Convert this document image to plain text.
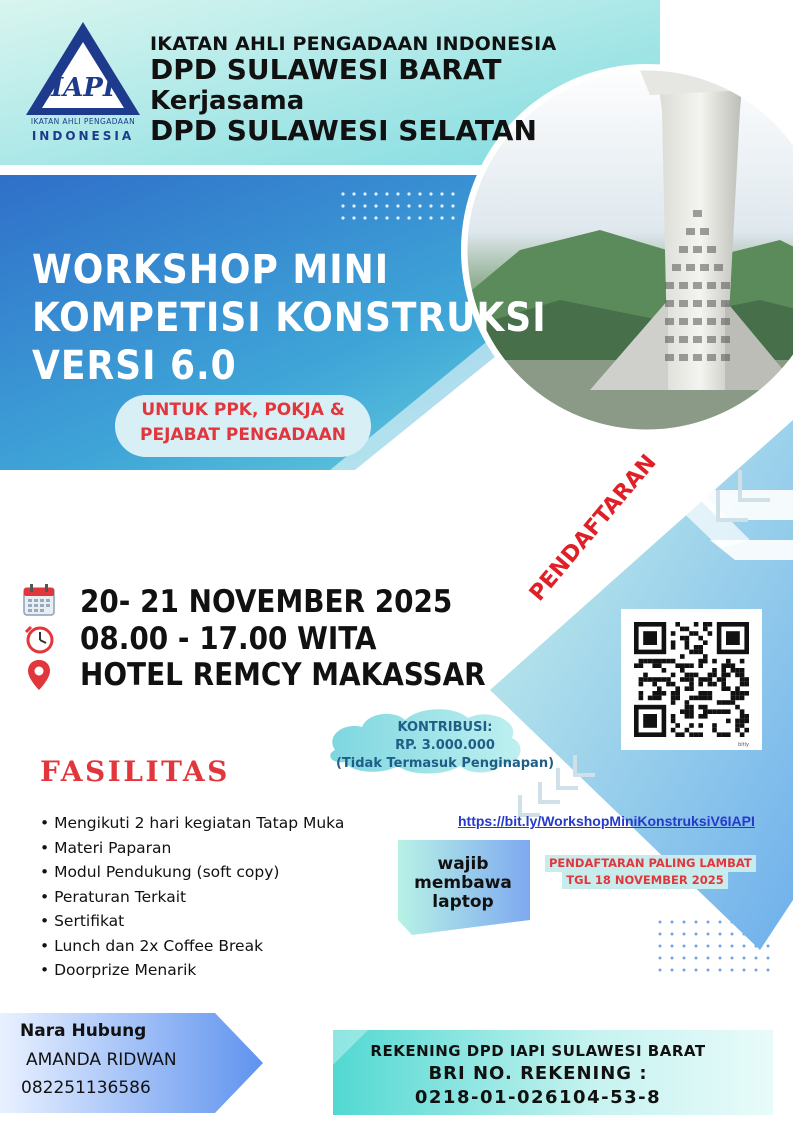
IAPI
IKATAN AHLI PENGADAAN INDONESIA
DPD SULAWESI BARAT
Kerjasama
DPD SULAWESI SELATAN
IKATAN AHLI PENGADAAN
INDONESIA
WORKSHOP MINI
KOMPETISI KONSTRUKSI
VERSI 6.0
UNTUK PPK, POKJA &
PEJABAT PENGADAAN
20- 21 NOVEMBER 2025
08.00 - 17.00 WITA
HOTEL REMCY MAKASSAR
PENDAFTARAN
bitly
KONTRIBUSI:
RP. 3.000.000
(Tidak Termasuk Penginapan)
FASILITAS
• Mengikuti 2 hari kegiatan Tatap Muka
• Materi Paparan
• Modul Pendukung (soft copy)
• Peraturan Terkait
• Sertifikat
• Lunch dan 2x Coffee Break
• Doorprize Menarik
https://bit.ly/WorkshopMiniKonstruksiV6IAPI
wajib
membawa
laptop
PENDAFTARAN PALING LAMBAT
TGL 18 NOVEMBER 2025
Nara Hubung
AMANDA RIDWAN
082251136586
REKENING DPD IAPI SULAWESI BARAT
BRI NO. REKENING :
0218-01-026104-53-8
